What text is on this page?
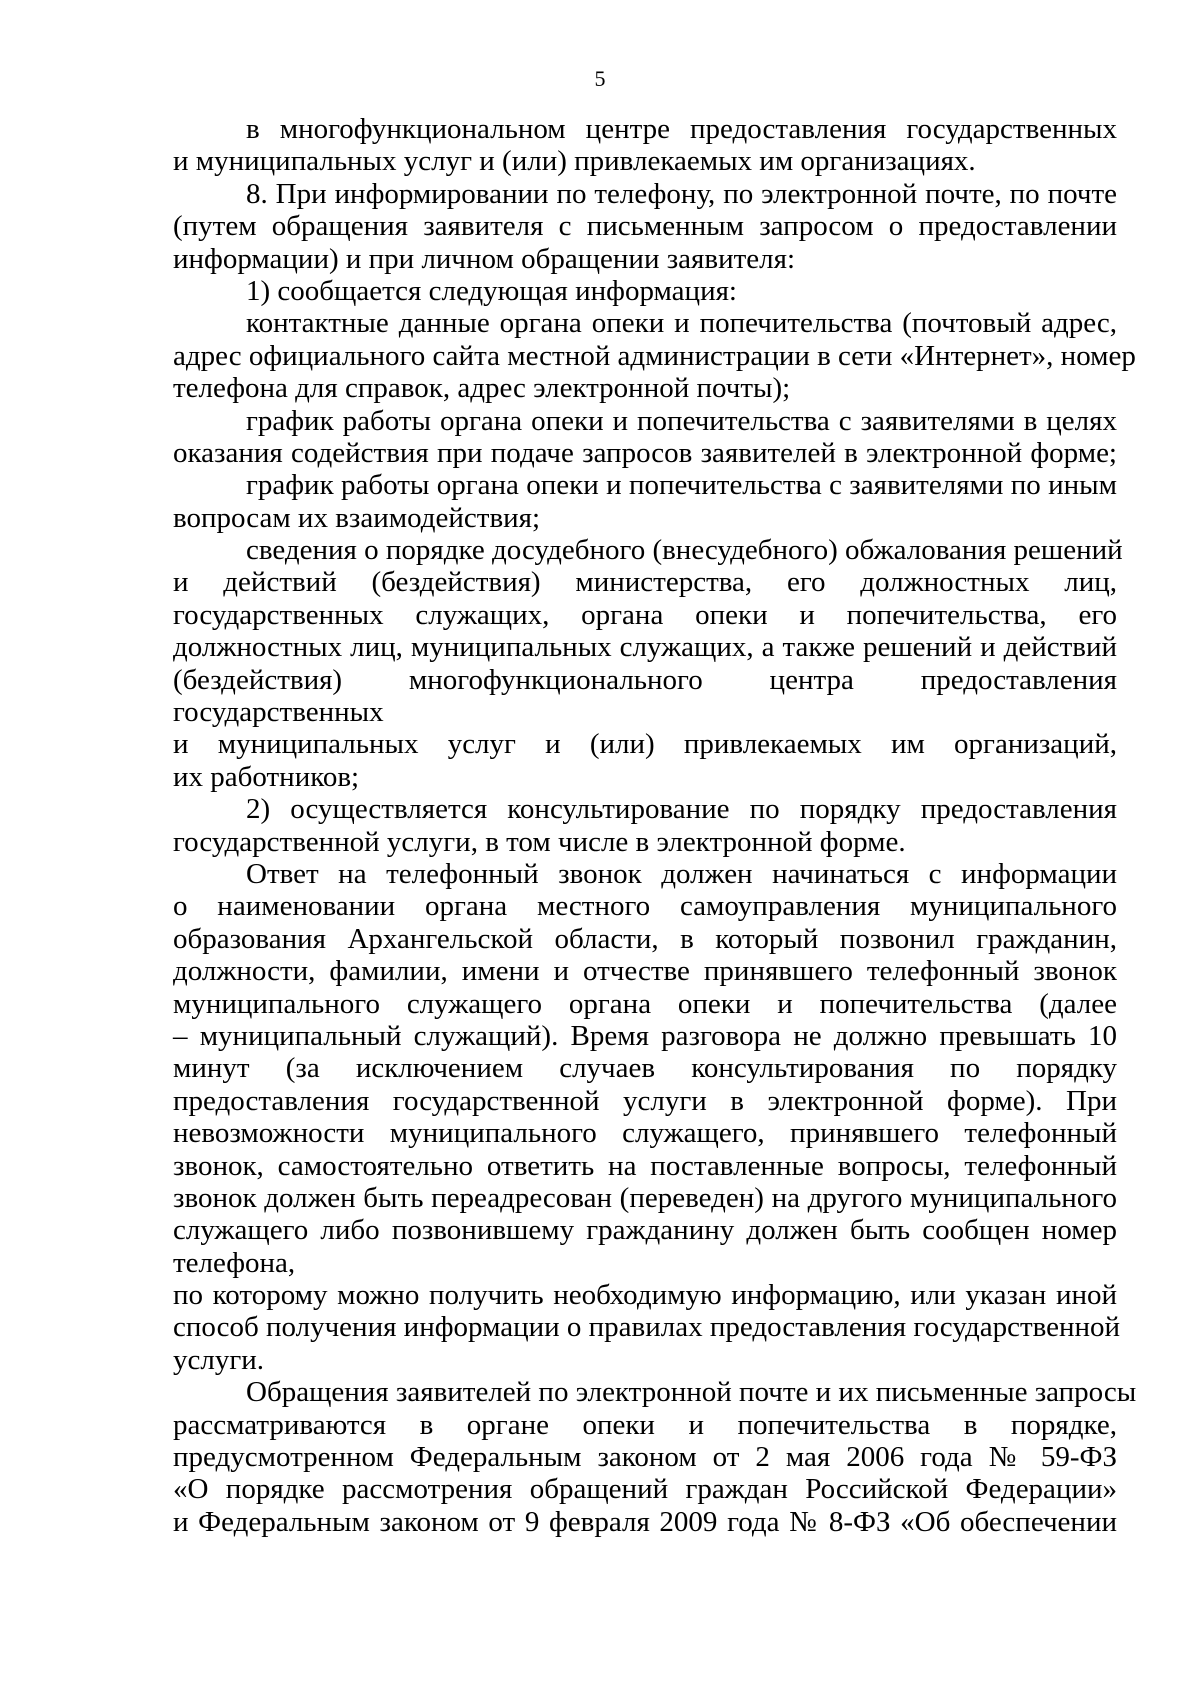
5
в многофункциональном центре предоставления государственных
и муниципальных услуг и (или) привлекаемых им организациях.
8. При информировании по телефону, по электронной почте, по почте
(путем обращения заявителя с письменным запросом о предоставлении
информации) и при личном обращении заявителя:
1) сообщается следующая информация:
контактные данные органа опеки и попечительства (почтовый адрес,
адрес официального сайта местной администрации в сети «Интернет», номер
телефона для справок, адрес электронной почты);
график работы органа опеки и попечительства с заявителями в целях
оказания содействия при подаче запросов заявителей в электронной форме;
график работы органа опеки и попечительства с заявителями по иным
вопросам их взаимодействия;
сведения о порядке досудебного (внесудебного) обжалования решений
и действий (бездействия) министерства, его должностных лиц,
государственных служащих, органа опеки и попечительства, его
должностных лиц, муниципальных служащих, а также решений и действий
(бездействия) многофункционального центра предоставления
государственных
и муниципальных услуг и (или) привлекаемых им организаций,
их работников;
2) осуществляется консультирование по порядку предоставления
государственной услуги, в том числе в электронной форме.
Ответ на телефонный звонок должен начинаться с информации
о наименовании органа местного самоуправления муниципального
образования Архангельской области, в который позвонил гражданин,
должности, фамилии, имени и отчестве принявшего телефонный звонок
муниципального служащего органа опеки и попечительства (далее
– муниципальный служащий). Время разговора не должно превышать 10
минут (за исключением случаев консультирования по порядку
предоставления государственной услуги в электронной форме). При
невозможности муниципального служащего, принявшего телефонный
звонок, самостоятельно ответить на поставленные вопросы, телефонный
звонок должен быть переадресован (переведен) на другого муниципального
служащего либо позвонившему гражданину должен быть сообщен номер
телефона,
по которому можно получить необходимую информацию, или указан иной
способ получения информации о правилах предоставления государственной
услуги.
Обращения заявителей по электронной почте и их письменные запросы
рассматриваются в органе опеки и попечительства в порядке,
предусмотренном Федеральным законом от 2 мая 2006 года № 59-ФЗ
«О порядке рассмотрения обращений граждан Российской Федерации»
и Федеральным законом от 9 февраля 2009 года № 8-ФЗ «Об обеспечении
